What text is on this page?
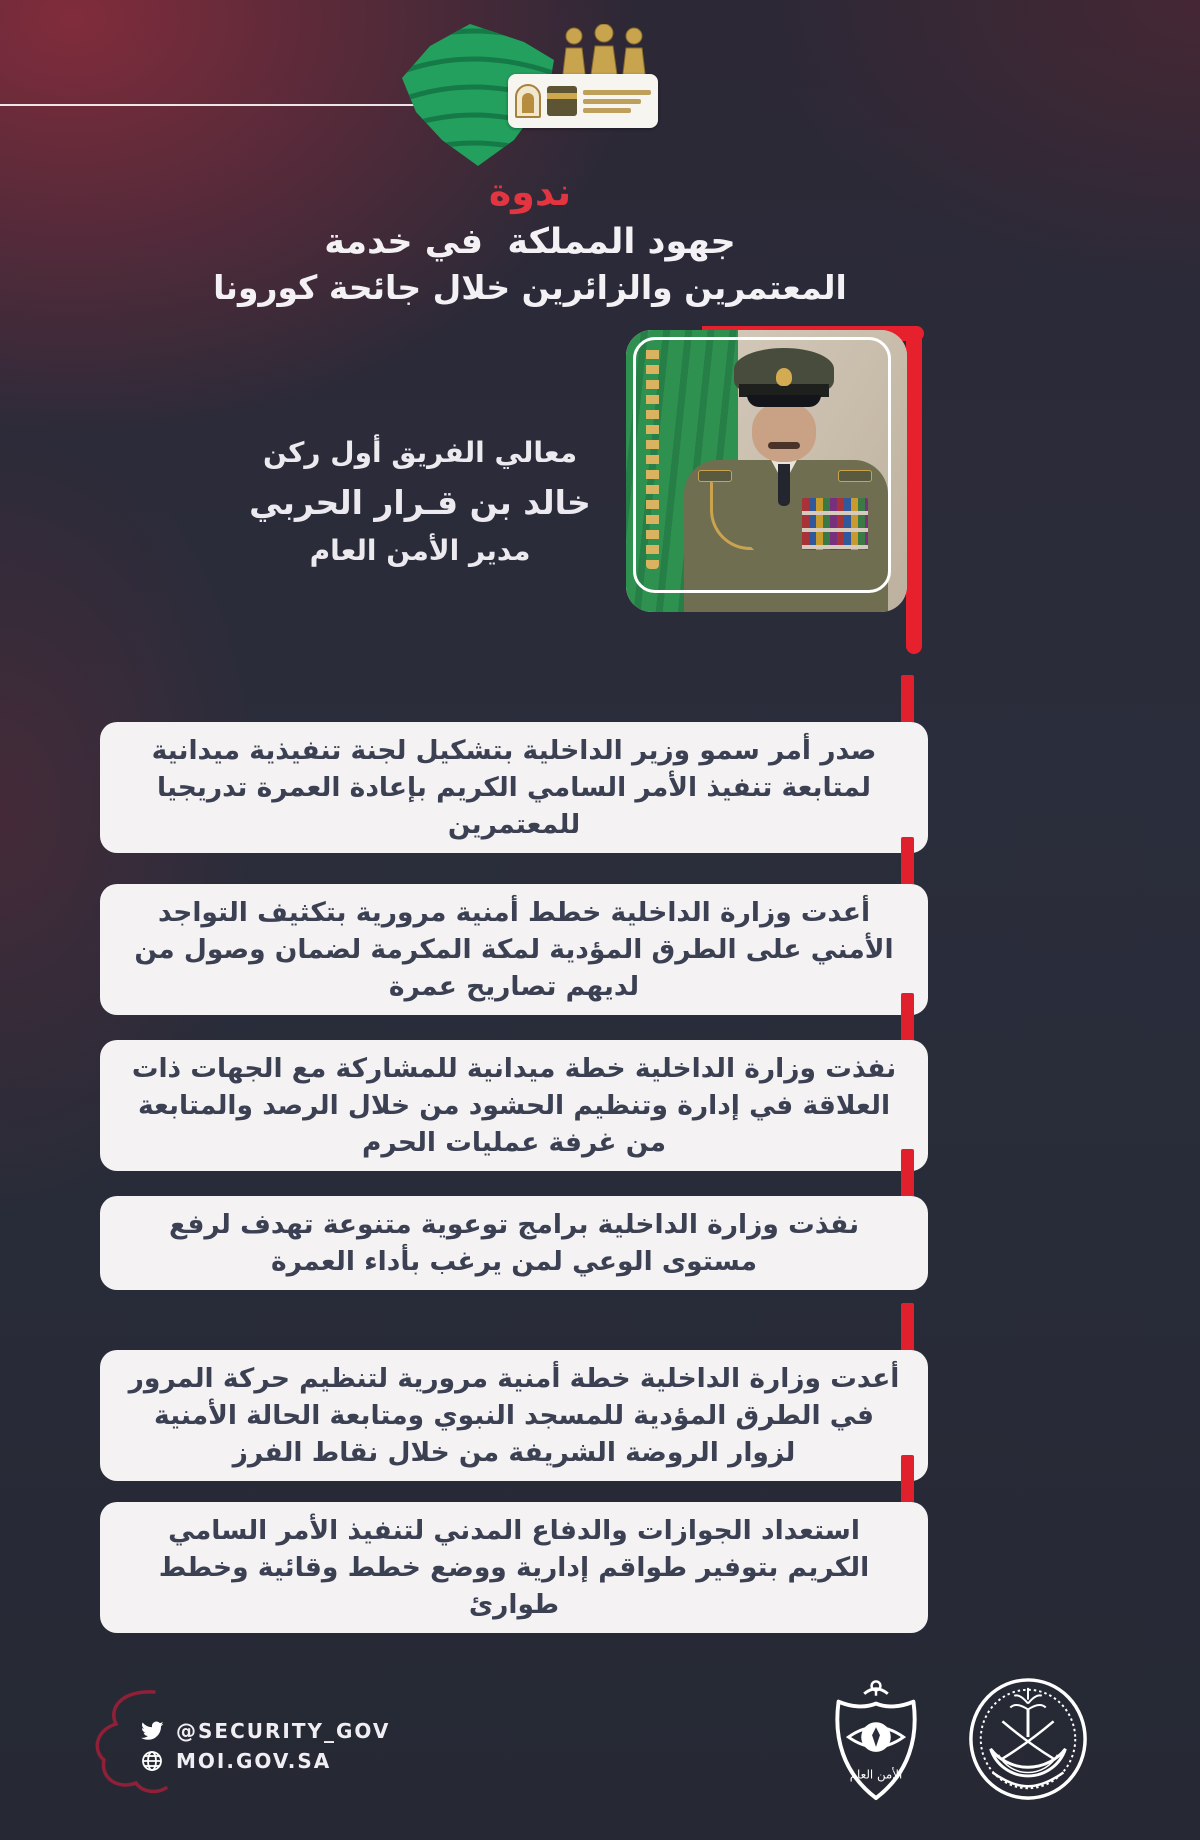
ندوة
جهود المملكة  في خدمة
المعتمرين والزائرين خلال جائحة كورونا
معالي الفريق أول ركن
خالد بن قـرار الحربي
مدير الأمن العام
صدر أمر سمو وزير الداخلية بتشكيل لجنة تنفيذية ميدانية لمتابعة تنفيذ الأمر السامي الكريم بإعادة العمرة تدريجيا للمعتمرين
أعدت وزارة الداخلية خطط أمنية مرورية بتكثيف التواجد الأمني على الطرق المؤدية لمكة المكرمة لضمان وصول من لديهم تصاريح عمرة
نفذت وزارة الداخلية خطة ميدانية للمشاركة مع الجهات ذات العلاقة في إدارة وتنظيم الحشود من خلال الرصد والمتابعة من غرفة عمليات الحرم
نفذت وزارة الداخلية برامج توعوية متنوعة تهدف لرفع مستوى الوعي لمن يرغب بأداء العمرة
أعدت وزارة الداخلية خطة أمنية مرورية لتنظيم حركة المرور في الطرق المؤدية للمسجد النبوي ومتابعة الحالة الأمنية لزوار الروضة الشريفة من خلال نقاط الفرز
استعداد الجوازات والدفاع المدني لتنفيذ الأمر السامي الكريم بتوفير طواقم إدارية ووضع خطط وقائية وخطط طوارئ
@SECURITY_GOV
MOI.GOV.SA
الأمن العام
